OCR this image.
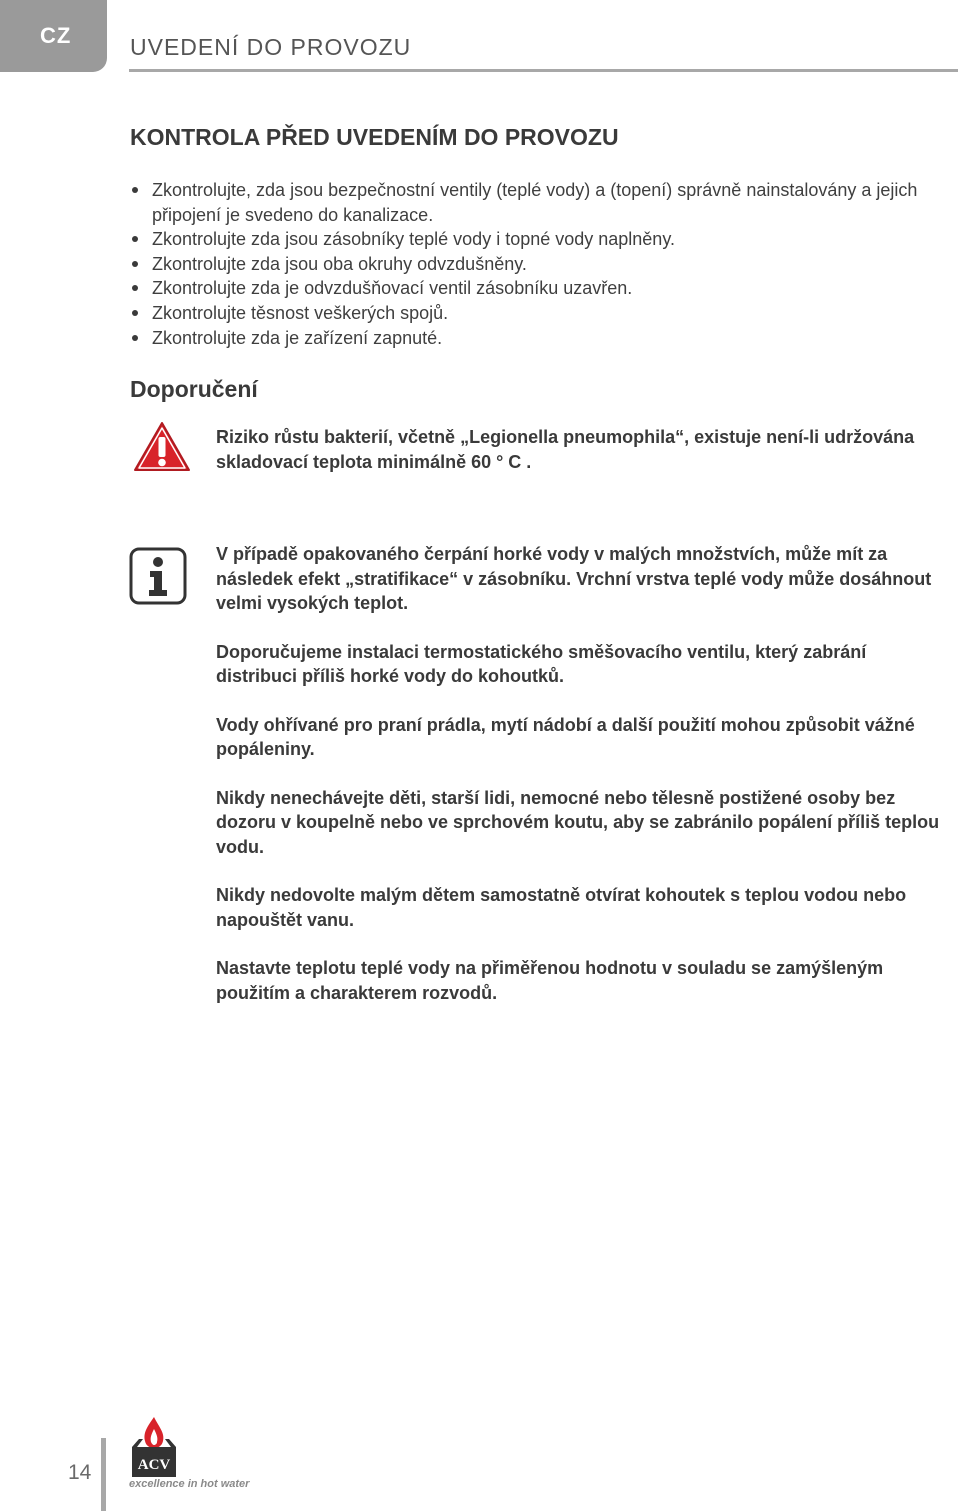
CZ	UVEDENÍ DO PROVOZU
KONTROLA PŘED UVEDENÍM DO PROVOZU
Zkontrolujte, zda jsou bezpečnostní ventily (teplé vody) a (topení) správně nainstalovány a jejich připojení je svedeno do kanalizace.
Zkontrolujte zda jsou zásobníky teplé vody i topné vody naplněny.
Zkontrolujte zda jsou oba okruhy odvzdušněny.
Zkontrolujte zda je odvzdušňovací ventil zásobníku uzavřen.
Zkontrolujte těsnost veškerých spojů.
Zkontrolujte zda je zařízení zapnuté.
Doporučení
Riziko růstu bakterií, včetně „Legionella pneumophila“, existuje není-li udržována skladovací teplota minimálně 60 ° C .

V případě opakovaného čerpání horké vody v malých množstvích, může mít za následek efekt „stratifikace“ v zásobníku. Vrchní vrstva teplé vody může dosáhnout velmi vysokých teplot.

Doporučujeme instalaci termostatického směšovacího ventilu, který zabrání distribuci příliš horké vody do kohoutků.

Vody ohřívané pro praní prádla, mytí nádobí a další použití mohou způsobit vážné popáleniny.

Nikdy nenechávejte děti, starší lidi, nemocné nebo tělesně postižené osoby bez dozoru v koupelně nebo ve sprchovém koutu, aby se zabránilo popálení příliš teplou vodu.

Nikdy nedovolte malým dětem samostatně otvírat kohoutek s teplou vodou nebo napouštět vanu.

Nastavte teplotu teplé vody na přiměřenou hodnotu v souladu se zamýšleným použitím a charakterem rozvodů.

14	ACV
excellence in hot water
